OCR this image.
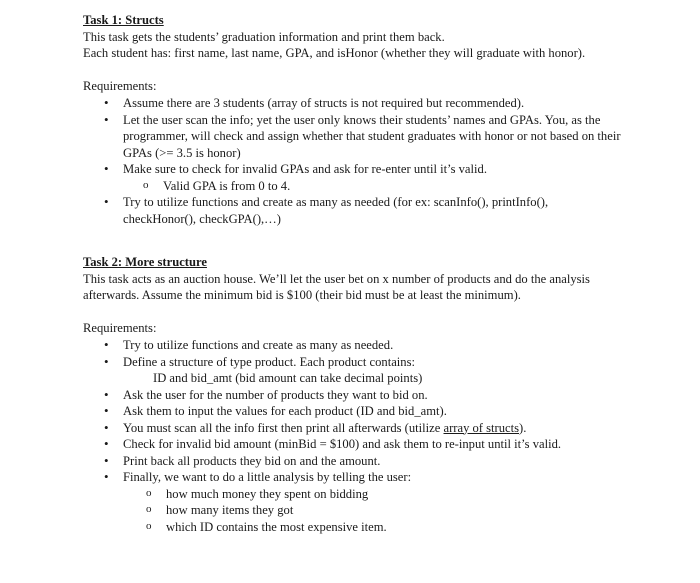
Task 1: Structs
This task gets the students’ graduation information and print them back.
Each student has: first name, last name, GPA, and isHonor (whether they will graduate with honor).
Requirements:
• Assume there are 3 students (array of structs is not required but recommended).
• Let the user scan the info; yet the user only knows their students’ names and GPAs. You, as the programmer, will check and assign whether that student graduates with honor or not based on their GPAs (>= 3.5 is honor)
• Make sure to check for invalid GPAs and ask for re-enter until it’s valid.
o Valid GPA is from 0 to 4.
• Try to utilize functions and create as many as needed (for ex: scanInfo(), printInfo(), checkHonor(), checkGPA(),…)
Task 2: More structure
This task acts as an auction house. We’ll let the user bet on x number of products and do the analysis afterwards. Assume the minimum bid is $100 (their bid must be at least the minimum).
Requirements:
• Try to utilize functions and create as many as needed.
• Define a structure of type product. Each product contains:
ID and bid_amt (bid amount can take decimal points)
• Ask the user for the number of products they want to bid on.
• Ask them to input the values for each product (ID and bid_amt).
• You must scan all the info first then print all afterwards (utilize array of structs).
• Check for invalid bid amount (minBid = $100) and ask them to re-input until it’s valid.
• Print back all products they bid on and the amount.
• Finally, we want to do a little analysis by telling the user:
o how much money they spent on bidding
o how many items they got
o which ID contains the most expensive item.
